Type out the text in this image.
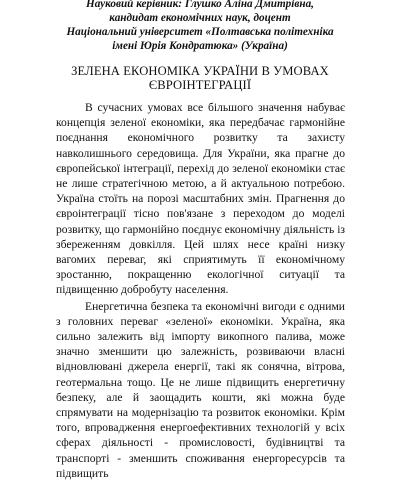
Науковий керівник: Глушко Аліна Дмитрівна,
кандидат економічних наук, доцент
Національний університет «Полтавська політехніка
імені Юрія Кондратюка» (Україна)
ЗЕЛЕНА ЕКОНОМІКА УКРАЇНИ В УМОВАХ
ЄВРОІНТЕГРАЦІЇ

В сучасних умовах все більшого значення набуває концепція зеленої економіки, яка передбачає гармонійне поєднання економічного розвитку та захисту навколишнього середовища. Для України, яка прагне до європейської інтеграції, перехід до зеленої економіки стає не лише стратегічною метою, а й актуальною потребою. Україна стоїть на порозі масштабних змін. Прагнення до євроінтеграції тісно пов'язане з переходом до моделі розвитку, що гармонійно поєднує економічну діяльність із збереженням довкілля. Цей шлях несе країні низку вагомих переваг, які сприятимуть її економічному зростанню, покращенню екологічної ситуації та підвищенню добробуту населення.

Енергетична безпека та економічні вигоди є одними з головних переваг «зеленої» економіки. Україна, яка сильно залежить від імпорту викопного палива, може значно зменшити цю залежність, розвиваючи власні відновлювані джерела енергії, такі як сонячна, вітрова, геотермальна тощо. Це не лише підвищить енергетичну безпеку, але й заощадить кошти, які можна буде спрямувати на модернізацію та розвиток економіки. Крім того, впровадження енергоефективних технологій у всіх сферах діяльності - промисловості, будівництві та транспорті - зменшить споживання енергоресурсів та підвищить
